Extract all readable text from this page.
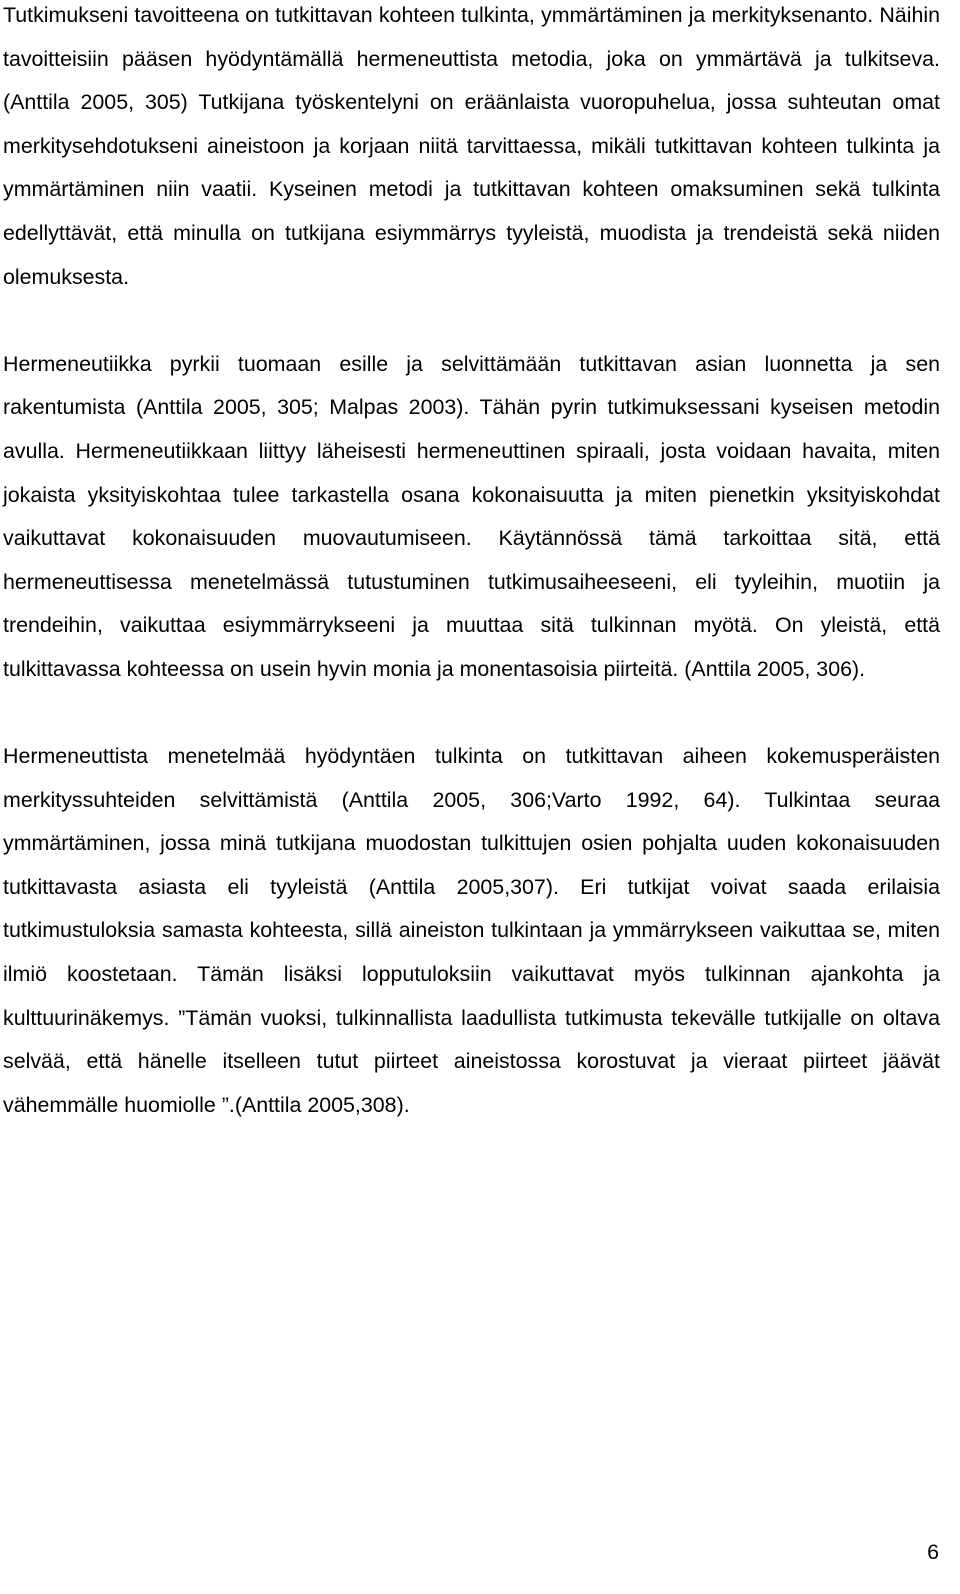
Tutkimukseni tavoitteena on tutkittavan kohteen tulkinta, ymmärtäminen ja merkityksenanto. Näihin tavoitteisiin pääsen hyödyntämällä hermeneuttista metodia, joka on ymmärtävä ja tulkitseva. (Anttila 2005, 305) Tutkijana työskentelyni on eräänlaista vuoropuhelua, jossa suhteutan omat merkitysehdotukseni aineistoon ja korjaan niitä tarvittaessa, mikäli tutkittavan kohteen tulkinta ja ymmärtäminen niin vaatii. Kyseinen metodi ja tutkittavan kohteen omaksuminen sekä tulkinta edellyttävät, että minulla on tutkijana esiymmärrys tyyleistä, muodista ja trendeistä sekä niiden olemuksesta.

Hermeneutiikka pyrkii tuomaan esille ja selvittämään tutkittavan asian luonnetta ja sen rakentumista (Anttila 2005, 305; Malpas 2003). Tähän pyrin tutkimuksessani kyseisen metodin avulla. Hermeneutiikkaan liittyy läheisesti hermeneuttinen spiraali, josta voidaan havaita, miten jokaista yksityiskohtaa tulee tarkastella osana kokonaisuutta ja miten pienetkin yksityiskohdat vaikuttavat kokonaisuuden muovautumiseen. Käytännössä tämä tarkoittaa sitä, että hermeneuttisessa menetelmässä tutustuminen tutkimusaiheeseeni, eli tyyleihin, muotiin ja trendeihin, vaikuttaa esiymmärrykseeni ja muuttaa sitä tulkinnan myötä. On yleistä, että tulkittavassa kohteessa on usein hyvin monia ja monentasoisia piirteitä. (Anttila 2005, 306).

Hermeneuttista menetelmää hyödyntäen tulkinta on tutkittavan aiheen kokemusperäisten merkityssuhteiden selvittämistä (Anttila 2005, 306;Varto 1992, 64). Tulkintaa seuraa ymmärtäminen, jossa minä tutkijana muodostan tulkittujen osien pohjalta uuden kokonaisuuden tutkittavasta asiasta eli tyyleistä (Anttila 2005,307). Eri tutkijat voivat saada erilaisia tutkimustuloksia samasta kohteesta, sillä aineiston tulkintaan ja ymmärrykseen vaikuttaa se, miten ilmiö koostetaan. Tämän lisäksi lopputuloksiin vaikuttavat myös tulkinnan ajankohta ja kulttuurinäkemys. ”Tämän vuoksi, tulkinnallista laadullista tutkimusta tekevälle tutkijalle on oltava selvää, että hänelle itselleen tutut piirteet aineistossa korostuvat ja vieraat piirteet jäävät vähemmälle huomiolle ”.(Anttila 2005,308).

6
